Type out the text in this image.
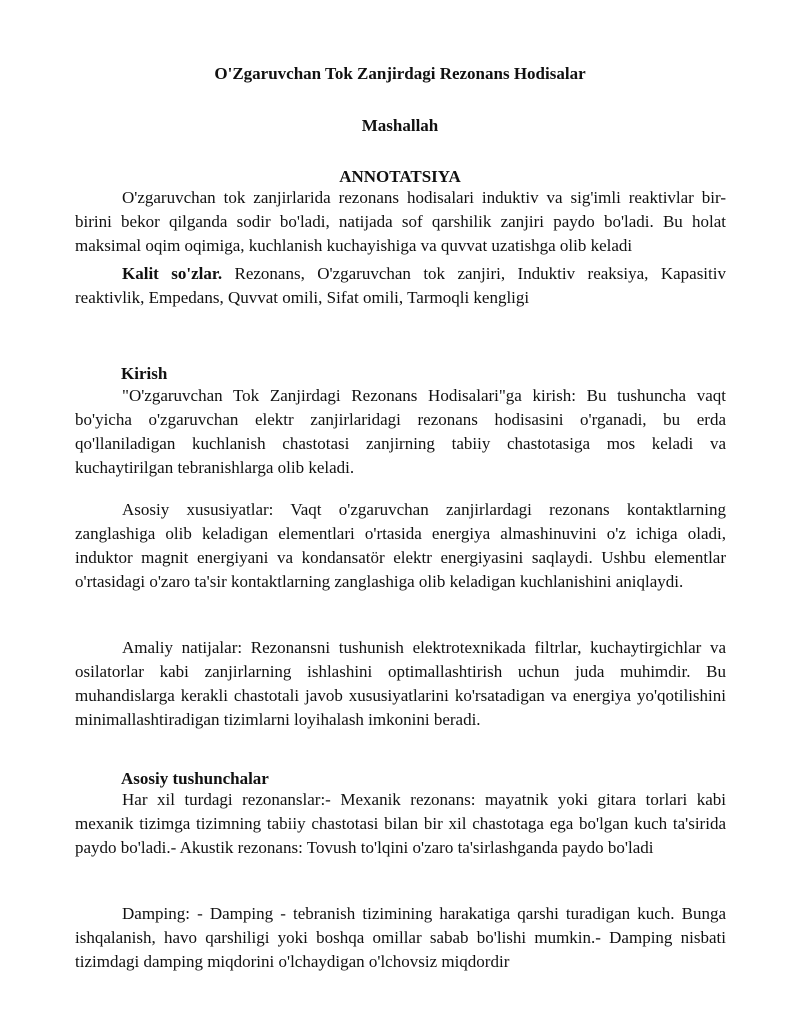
O'Zgaruvchan Tok Zanjirdagi Rezonans Hodisalar
Mashallah
ANNOTATSIYA

O'zgaruvchan tok zanjirlarida rezonans hodisalari induktiv va sig'imli reaktivlar bir-birini bekor qilganda sodir bo'ladi, natijada sof qarshilik zanjiri paydo bo'ladi. Bu holat maksimal oqim oqimiga, kuchlanish kuchayishiga va quvvat uzatishga olib keladi

Kalit so'zlar. Rezonans, O'zgaruvchan tok zanjiri, Induktiv reaksiya, Kapasitiv reaktivlik, Empedans, Quvvat omili, Sifat omili, Tarmoqli kengligi

Kirish

"O'zgaruvchan Tok Zanjirdagi Rezonans Hodisalari"ga kirish: Bu tushuncha vaqt bo'yicha o'zgaruvchan elektr zanjirlaridagi rezonans hodisasini o'rganadi, bu erda qo'llaniladigan kuchlanish chastotasi zanjirning tabiiy chastotasiga mos keladi va kuchaytirilgan tebranishlarga olib keladi.

Asosiy xususiyatlar: Vaqt o'zgaruvchan zanjirlardagi rezonans kontaktlarning zanglashiga olib keladigan elementlari o'rtasida energiya almashinuvini o'z ichiga oladi, induktor magnit energiyani va kondansatör elektr energiyasini saqlaydi. Ushbu elementlar o'rtasidagi o'zaro ta'sir kontaktlarning zanglashiga olib keladigan kuchlanishini aniqlaydi.

Amaliy natijalar: Rezonansni tushunish elektrotexnikada filtrlar, kuchaytirgichlar va osilatorlar kabi zanjirlarning ishlashini optimallashtirish uchun juda muhimdir. Bu muhandislarga kerakli chastotali javob xususiyatlarini ko'rsatadigan va energiya yo'qotilishini minimallashtiradigan tizimlarni loyihalash imkonini beradi.

Asosiy tushunchalar

Har xil turdagi rezonanslar:- Mexanik rezonans: mayatnik yoki gitara torlari kabi mexanik tizimga tizimning tabiiy chastotasi bilan bir xil chastotaga ega bo'lgan kuch ta'sirida paydo bo'ladi.- Akustik rezonans: Tovush to'lqini o'zaro ta'sirlashganda paydo bo'ladi

Damping: - Damping - tebranish tizimining harakatiga qarshi turadigan kuch. Bunga ishqalanish, havo qarshiligi yoki boshqa omillar sabab bo'lishi mumkin.- Damping nisbati tizimdagi damping miqdorini o'lchaydigan o'lchovsiz miqdordir
